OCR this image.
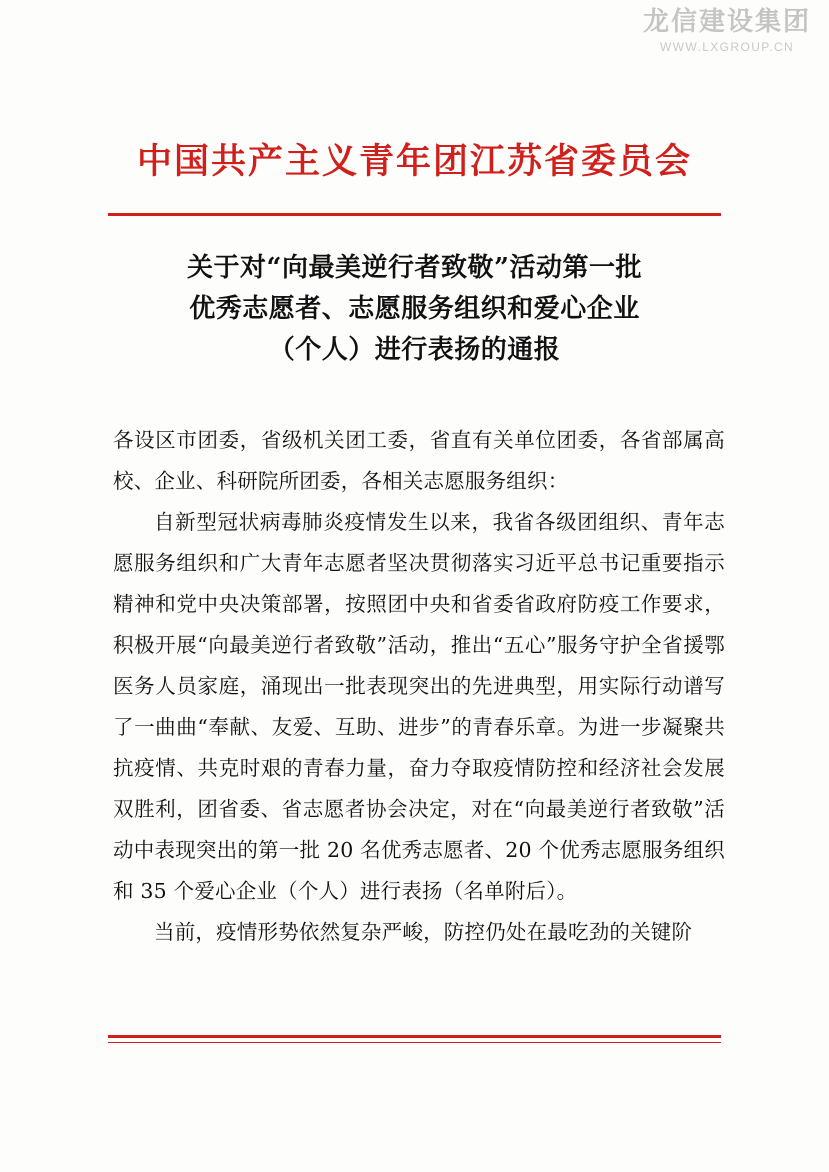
龙信建设集团
WWW.LXGROUP.CN
中国共产主义青年团江苏省委员会
关于对“向最美逆行者致敬”活动第一批
优秀志愿者、志愿服务组织和爱心企业
（个人）进行表扬的通报

各设区市团委，省级机关团工委，省直有关单位团委，各省部属高校、企业、科研院所团委，各相关志愿服务组织：

自新型冠状病毒肺炎疫情发生以来，我省各级团组织、青年志愿服务组织和广大青年志愿者坚决贯彻落实习近平总书记重要指示精神和党中央决策部署，按照团中央和省委省政府防疫工作要求，积极开展“向最美逆行者致敬”活动，推出“五心”服务守护全省援鄂医务人员家庭，涌现出一批表现突出的先进典型，用实际行动谱写了一曲曲“奉献、友爱、互助、进步”的青春乐章。为进一步凝聚共抗疫情、共克时艰的青春力量，奋力夺取疫情防控和经济社会发展双胜利，团省委、省志愿者协会决定，对在“向最美逆行者致敬”活动中表现突出的第一批 20 名优秀志愿者、20 个优秀志愿服务组织和 35 个爱心企业（个人）进行表扬（名单附后）。

当前，疫情形势依然复杂严峻，防控仍处在最吃劲的关键阶
